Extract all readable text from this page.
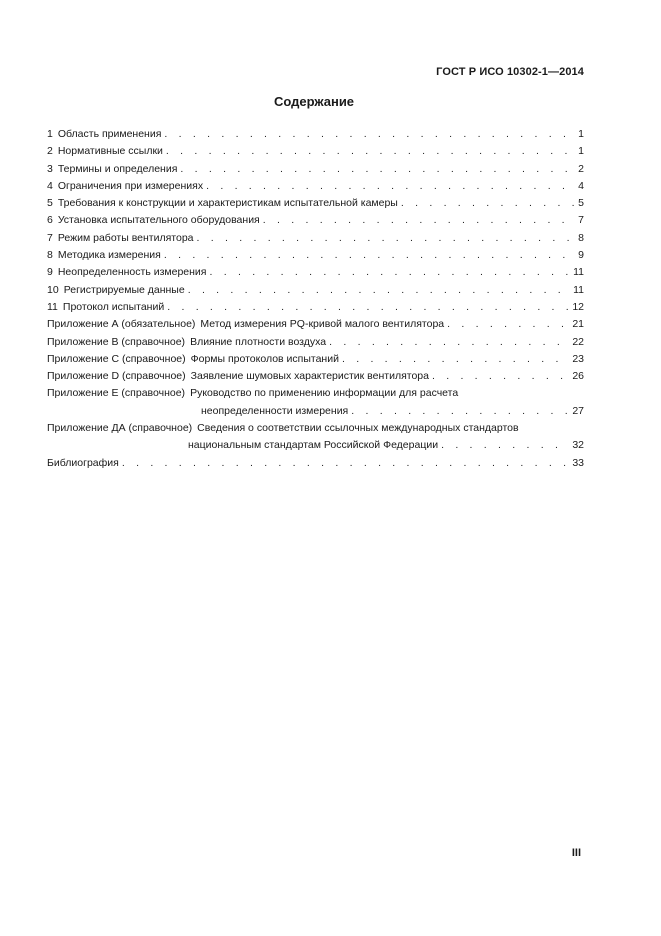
ГОСТ Р ИСО 10302-1—2014
Содержание
1 Область применения . . .	1
2 Нормативные ссылки . . .	1
3 Термины и определения . . .	2
4 Ограничения при измерениях . . .	4
5 Требования к конструкции и характеристикам испытательной камеры . . .	5
6 Установка испытательного оборудования . . .	7
7 Режим работы вентилятора . . .	8
8 Методика измерения . . .	9
9 Неопределенность измерения . . .	11
10 Регистрируемые данные . . .	11
11 Протокол испытаний . . .	12
Приложение А (обязательное) Метод измерения PQ-кривой малого вентилятора . . .	21
Приложение В (справочное) Влияние плотности воздуха . . .	22
Приложение С (справочное) Формы протоколов испытаний . . .	23
Приложение D (справочное) Заявление шумовых характеристик вентилятора . . .	26
Приложение Е (справочное) Руководство по применению информации для расчета
неопределенности измерения . . .	27
Приложение ДА (справочное) Сведения о соответствии ссылочных международных стандартов
национальным стандартам Российской Федерации . . .	32
Библиография . . .	33
III
